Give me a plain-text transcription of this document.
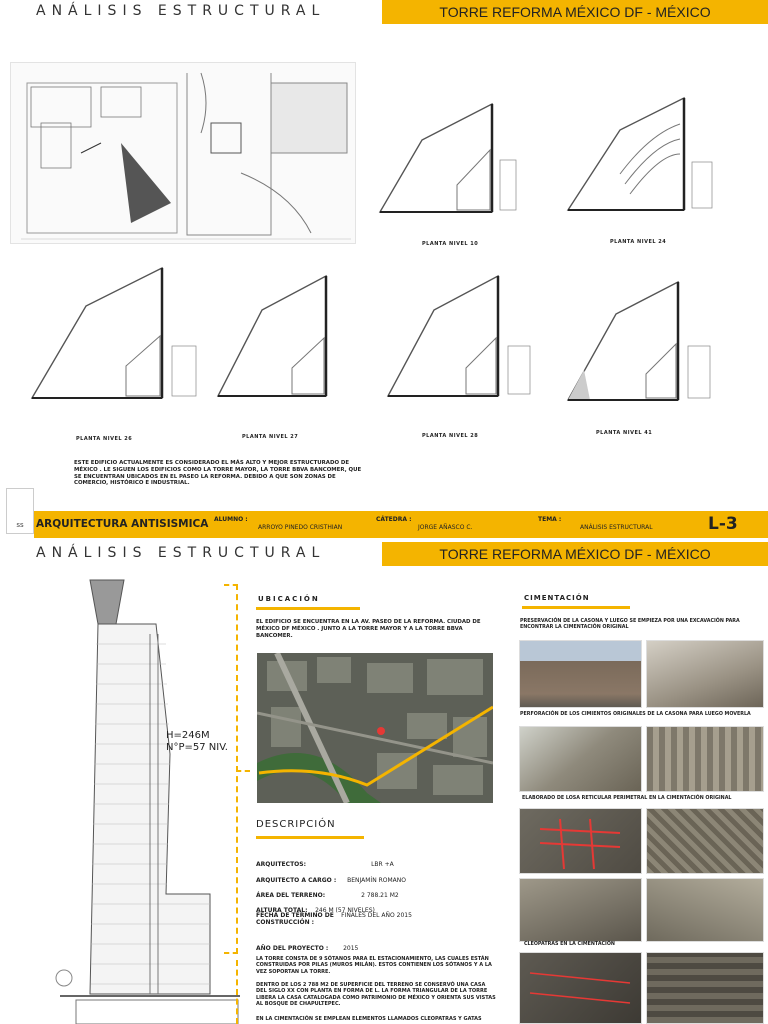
ANÁLISIS ESTRUCTURAL	TORRE REFORMA MÉXICO DF - MÉXICO
PLANTA NIVEL 10	PLANTA NIVEL 24
PLANTA NIVEL 26	PLANTA NIVEL 27	PLANTA NIVEL 28	PLANTA NIVEL 41
ESTE EDIFICIO ACTUALMENTE ES CONSIDERADO EL MÁS ALTO Y MEJOR ESTRUCTURADO DE MÉXICO . LE SIGUEN LOS EDIFICIOS COMO LA TORRE MAYOR, LA TORRE BBVA BANCOMER, QUE SE ENCUENTRAN UBICADOS EN EL PASEO LA REFORMA. DEBIDO A QUE SON ZONAS DE COMERCIO, HISTÓRICO E INDUSTRIAL.
ss	ARQUITECTURA ANTISISMICA ALUMNO :
ARROYO PINEDO CRISTHIAN
CÁTEDRA :
JORGE AÑASCO C.
TEMA :
ANÁLISIS ESTRUCTURAL	L-3
ANÁLISIS ESTRUCTURAL	TORRE REFORMA MÉXICO DF - MÉXICO
H=246M
N°P=57 NIV.
UBICACIÓN
EL EDIFICIO SE ENCUENTRA EN LA AV. PASEO DE LA REFORMA. CIUDAD DE MÉXICO DF MÉXICO . JUNTO A LA TORRE MAYOR Y A LA TORRE BBVA BANCOMER.
DESCRIPCIÓN
ARQUITECTOS:	LBR +A
ARQUITECTO A CARGO : BENJAMÍN ROMANO
ÁREA DEL TERRENO:	2 788.21 M2
ALTURA TOTAL: 246 M (57 NIVELES)
FECHA DE TÉRMINO DE CONSTRUCCIÓN : $^{FINALES DEL AÑO 2015}$
AÑO DEL PROYECTO : 2015
LA TORRE CONSTA DE 9 SÓTANOS PARA EL ESTACIONAMIENTO, LAS CUALES ESTÁN CONSTRUIDAS POR PILAS (MUROS MILÁN). ESTOS CONTIENEN LOS SÓTANOS Y A LA VEZ SOPORTAN LA TORRE.
DENTRO DE LOS 2 788 M2 DE SUPERFICIE DEL TERRENO SE CONSERVÓ UNA CASA DEL SIGLO XX CON PLANTA EN FORMA DE L. LA FORMA TRIANGULAR DE LA TORRE LIBERA LA CASA CATALOGADA COMO PATRIMONIO DE MÉXICO Y ORIENTA SUS VISTAS AL BOSQUE DE CHAPULTEPEC.
EN LA CIMENTACIÓN SE EMPLEAN ELEMENTOS LLAMADOS CLEOPATRAS Y GATAS
CIMENTACIÓN
PRESERVACIÓN DE LA CASONA Y LUEGO SE EMPIEZA POR UNA EXCAVACIÓN PARA ENCONTRAR LA CIMENTACIÓN ORIGINAL
PERFORACIÓN DE LOS CIMIENTOS ORIGINALES DE LA CASONA PARA LUEGO MOVERLA
ELABORADO DE LOSA RETICULAR PERIMETRAL EN LA CIMENTACIÓN ORIGINAL
CLEOPATRAS EN LA CIMENTACIÓN
